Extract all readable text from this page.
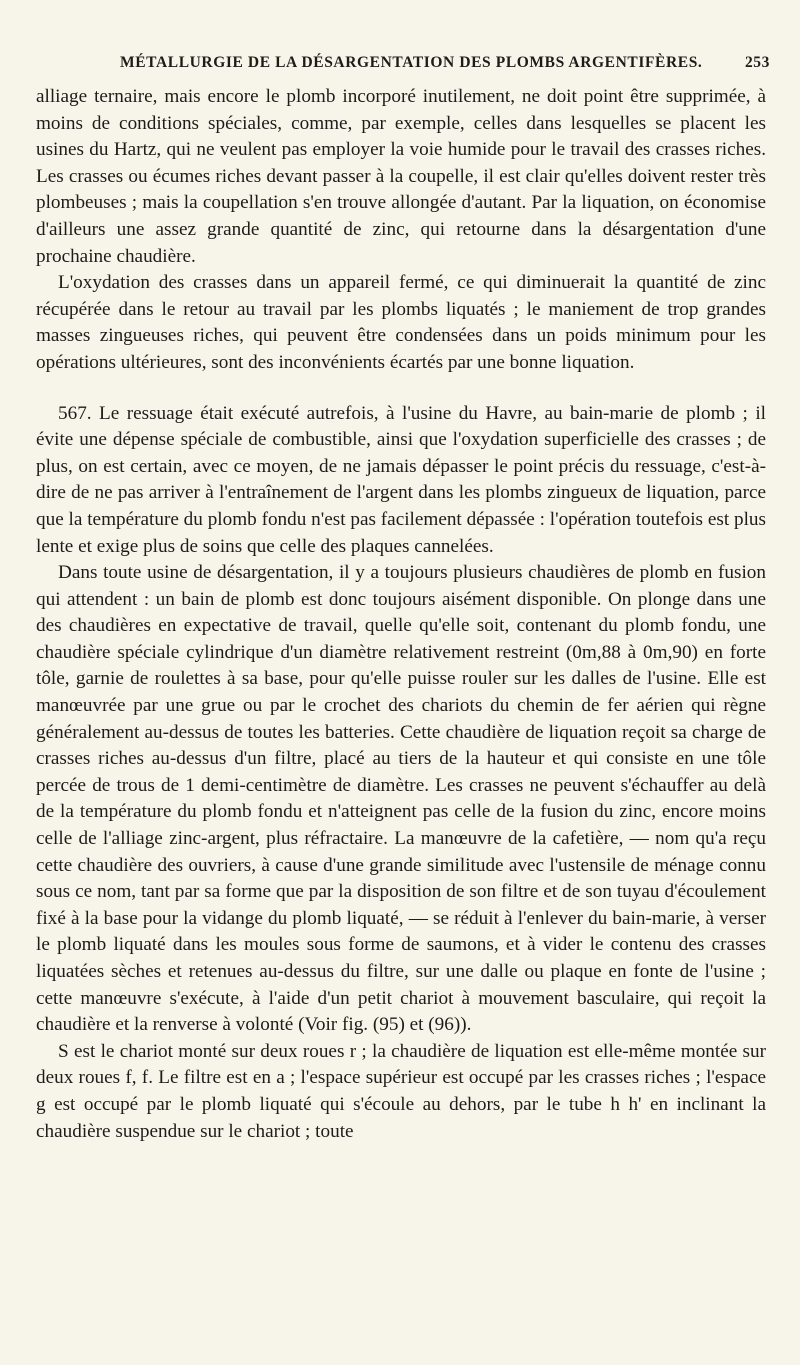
MÉTALLURGIE DE LA DÉSARGENTATION DES PLOMBS ARGENTIFÈRES.	253

alliage ternaire, mais encore le plomb incorporé inutilement, ne doit point être supprimée, à moins de conditions spéciales, comme, par exemple, celles dans lesquelles se placent les usines du Hartz, qui ne veulent pas employer la voie humide pour le travail des crasses riches. Les crasses ou écumes riches devant passer à la coupelle, il est clair qu'elles doivent rester très plombeuses ; mais la coupellation s'en trouve allongée d'autant. Par la liquation, on économise d'ailleurs une assez grande quantité de zinc, qui retourne dans la désargentation d'une prochaine chaudière.

L'oxydation des crasses dans un appareil fermé, ce qui diminuerait la quantité de zinc récupérée dans le retour au travail par les plombs liquatés ; le maniement de trop grandes masses zingueuses riches, qui peuvent être condensées dans un poids minimum pour les opérations ultérieures, sont des inconvénients écartés par une bonne liquation.

567. Le ressuage était exécuté autrefois, à l'usine du Havre, au bain-marie de plomb ; il évite une dépense spéciale de combustible, ainsi que l'oxydation superficielle des crasses ; de plus, on est certain, avec ce moyen, de ne jamais dépasser le point précis du ressuage, c'est-à-dire de ne pas arriver à l'entraînement de l'argent dans les plombs zingueux de liquation, parce que la température du plomb fondu n'est pas facilement dépassée : l'opération toutefois est plus lente et exige plus de soins que celle des plaques cannelées.

Dans toute usine de désargentation, il y a toujours plusieurs chaudières de plomb en fusion qui attendent : un bain de plomb est donc toujours aisément disponible. On plonge dans une des chaudières en expectative de travail, quelle qu'elle soit, contenant du plomb fondu, une chaudière spéciale cylindrique d'un diamètre relativement restreint (0m,88 à 0m,90) en forte tôle, garnie de roulettes à sa base, pour qu'elle puisse rouler sur les dalles de l'usine. Elle est manœuvrée par une grue ou par le crochet des chariots du chemin de fer aérien qui règne généralement au-dessus de toutes les batteries. Cette chaudière de liquation reçoit sa charge de crasses riches au-dessus d'un filtre, placé au tiers de la hauteur et qui consiste en une tôle percée de trous de 1 demi-centimètre de diamètre. Les crasses ne peuvent s'échauffer au delà de la température du plomb fondu et n'atteignent pas celle de la fusion du zinc, encore moins celle de l'alliage zinc-argent, plus réfractaire. La manœuvre de la cafetière, — nom qu'a reçu cette chaudière des ouvriers, à cause d'une grande similitude avec l'ustensile de ménage connu sous ce nom, tant par sa forme que par la disposition de son filtre et de son tuyau d'écoulement fixé à la base pour la vidange du plomb liquaté, — se réduit à l'enlever du bain-marie, à verser le plomb liquaté dans les moules sous forme de saumons, et à vider le contenu des crasses liquatées sèches et retenues au-dessus du filtre, sur une dalle ou plaque en fonte de l'usine ; cette manœuvre s'exécute, à l'aide d'un petit chariot à mouvement basculaire, qui reçoit la chaudière et la renverse à volonté (Voir fig. (95) et (96)).

S est le chariot monté sur deux roues r ; la chaudière de liquation est elle-même montée sur deux roues f, f. Le filtre est en a ; l'espace supérieur est occupé par les crasses riches ; l'espace g est occupé par le plomb liquaté qui s'écoule au dehors, par le tube h h' en inclinant la chaudière suspendue sur le chariot ; toute
